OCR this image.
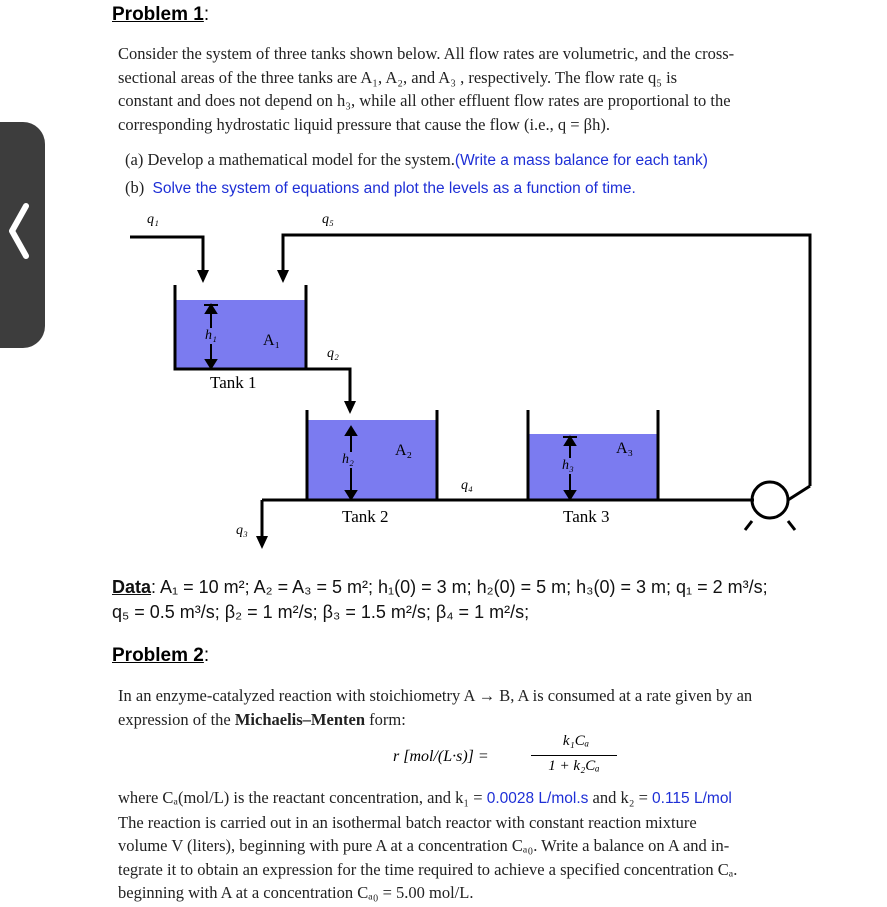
Problem 1:
Consider the system of three tanks shown below. All flow rates are volumetric, and the cross-
sectional areas of the three tanks are A₁, A₂, and A₃ , respectively. The flow rate q₅ is
constant and does not depend on h₃, while all other effluent flow rates are proportional to the
corresponding hydrostatic liquid pressure that cause the flow (i.e., q = βh).
(a) Develop a mathematical model for the system.(Write a mass balance for each tank)
(b) Solve the system of equations and plot the levels as a function of time.
q₁	q₅
h₁	A₁
q₂
Tank 1
h₂
A₂
q₄
h₃
A₃
Tank 2	Tank 3
q₃
Data: A₁ = 10 m²; A₂ = A₃ = 5 m²; h₁(0) = 3 m; h₂(0) = 5 m; h₃(0) = 3 m; q₁ = 2 m³/s;
q₅ = 0.5 m³/s; β₂ = 1 m²/s; β₃ = 1.5 m²/s; β₄ = 1 m²/s;
Problem 2:
In an enzyme-catalyzed reaction with stoichiometry A → B, A is consumed at a rate given by an
expression of the Michaelis–Menten form:
r [mol/(L·s)] =
k₁Cₐ
1 + k₂Cₐ
where Cₐ(mol/L) is the reactant concentration, and k₁ = 0.0028 L/mol.s and k₂ = 0.115 L/mol
The reaction is carried out in an isothermal batch reactor with constant reaction mixture
volume V (liters), beginning with pure A at a concentration Cₐ₀. Write a balance on A and in-
tegrate it to obtain an expression for the time required to achieve a specified concentration Cₐ.
beginning with A at a concentration Cₐ₀ = 5.00 mol/L.
